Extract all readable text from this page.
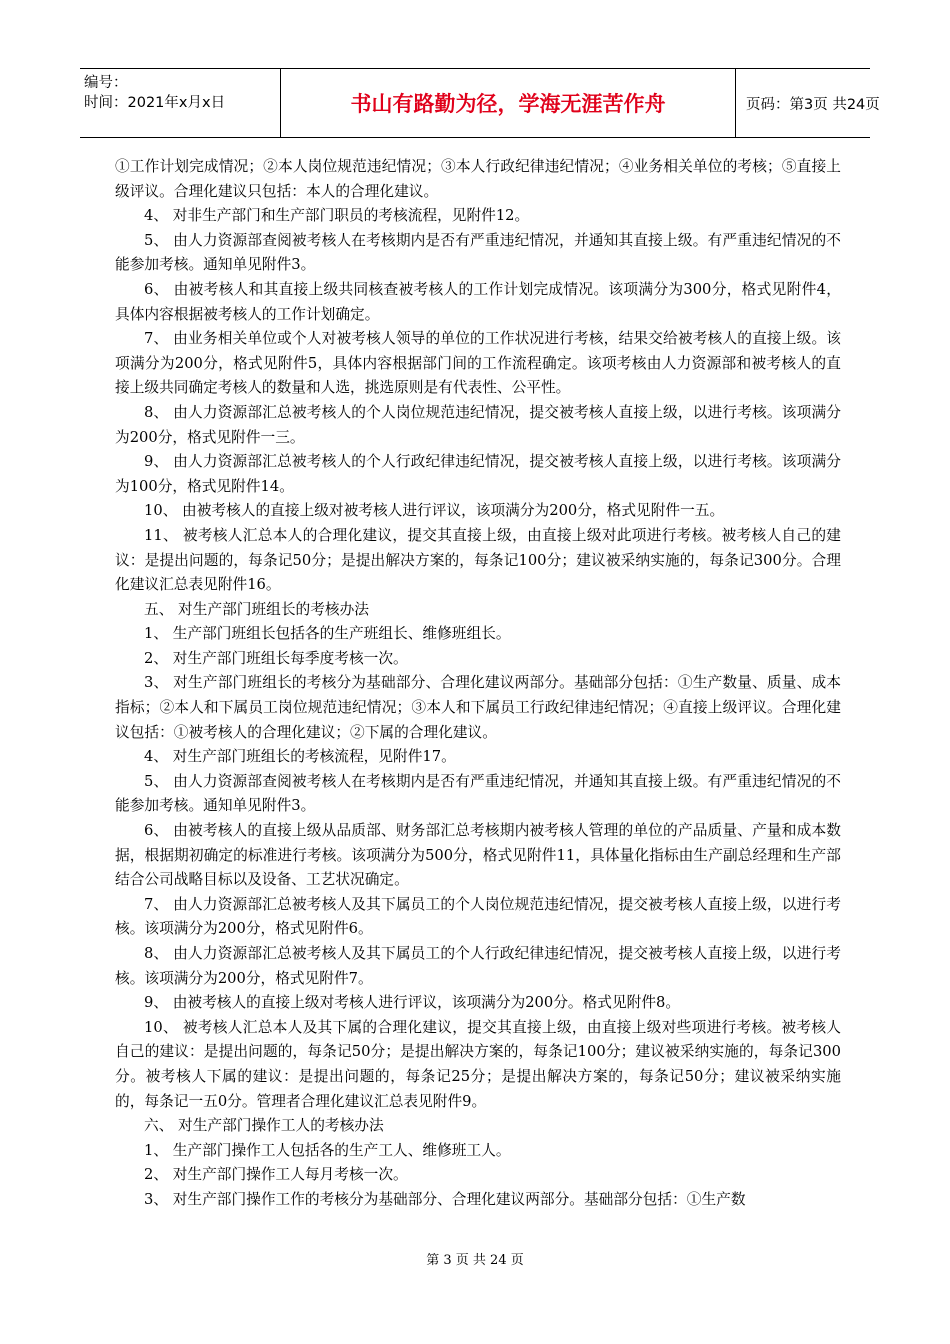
编号：
时间：2021年x月x日	书山有路勤为径，学海无涯苦作舟	页码：第3页 共24页

①工作计划完成情况；②本人岗位规范违纪情况；③本人行政纪律违纪情况；④业务相关单位的考核；⑤直接上级评议。合理化建议只包括：本人的合理化建议。

4、 对非生产部门和生产部门职员的考核流程，见附件12。

5、 由人力资源部查阅被考核人在考核期内是否有严重违纪情况，并通知其直接上级。有严重违纪情况的不能参加考核。通知单见附件3。

6、 由被考核人和其直接上级共同核查被考核人的工作计划完成情况。该项满分为300分，格式见附件4，具体内容根据被考核人的工作计划确定。

7、 由业务相关单位或个人对被考核人领导的单位的工作状况进行考核，结果交给被考核人的直接上级。该项满分为200分，格式见附件5，具体内容根据部门间的工作流程确定。该项考核由人力资源部和被考核人的直接上级共同确定考核人的数量和人选，挑选原则是有代表性、公平性。

8、 由人力资源部汇总被考核人的个人岗位规范违纪情况，提交被考核人直接上级，以进行考核。该项满分为200分，格式见附件一三。

9、 由人力资源部汇总被考核人的个人行政纪律违纪情况，提交被考核人直接上级，以进行考核。该项满分为100分，格式见附件14。

10、 由被考核人的直接上级对被考核人进行评议，该项满分为200分，格式见附件一五。

11、 被考核人汇总本人的合理化建议，提交其直接上级，由直接上级对此项进行考核。被考核人自己的建议：是提出问题的，每条记50分；是提出解决方案的，每条记100分；建议被采纳实施的，每条记300分。合理化建议汇总表见附件16。

五、 对生产部门班组长的考核办法

1、 生产部门班组长包括各的生产班组长、维修班组长。

2、 对生产部门班组长每季度考核一次。

3、 对生产部门班组长的考核分为基础部分、合理化建议两部分。基础部分包括：①生产数量、质量、成本指标；②本人和下属员工岗位规范违纪情况；③本人和下属员工行政纪律违纪情况；④直接上级评议。合理化建议包括：①被考核人的合理化建议；②下属的合理化建议。

4、 对生产部门班组长的考核流程，见附件17。

5、 由人力资源部查阅被考核人在考核期内是否有严重违纪情况，并通知其直接上级。有严重违纪情况的不能参加考核。通知单见附件3。

6、 由被考核人的直接上级从品质部、财务部汇总考核期内被考核人管理的单位的产品质量、产量和成本数据，根据期初确定的标准进行考核。该项满分为500分，格式见附件11，具体量化指标由生产副总经理和生产部结合公司战略目标以及设备、工艺状况确定。

7、 由人力资源部汇总被考核人及其下属员工的个人岗位规范违纪情况，提交被考核人直接上级，以进行考核。该项满分为200分，格式见附件6。

8、 由人力资源部汇总被考核人及其下属员工的个人行政纪律违纪情况，提交被考核人直接上级，以进行考核。该项满分为200分，格式见附件7。

9、 由被考核人的直接上级对考核人进行评议，该项满分为200分。格式见附件8。

10、 被考核人汇总本人及其下属的合理化建议，提交其直接上级，由直接上级对些项进行考核。被考核人自己的建议：是提出问题的，每条记50分；是提出解决方案的，每条记100分；建议被采纳实施的，每条记300分。被考核人下属的建议：是提出问题的，每条记25分；是提出解决方案的，每条记50分；建议被采纳实施的，每条记一五0分。管理者合理化建议汇总表见附件9。

六、 对生产部门操作工人的考核办法

1、 生产部门操作工人包括各的生产工人、维修班工人。

2、 对生产部门操作工人每月考核一次。

3、 对生产部门操作工作的考核分为基础部分、合理化建议两部分。基础部分包括：①生产数

第 3 页 共 24 页
